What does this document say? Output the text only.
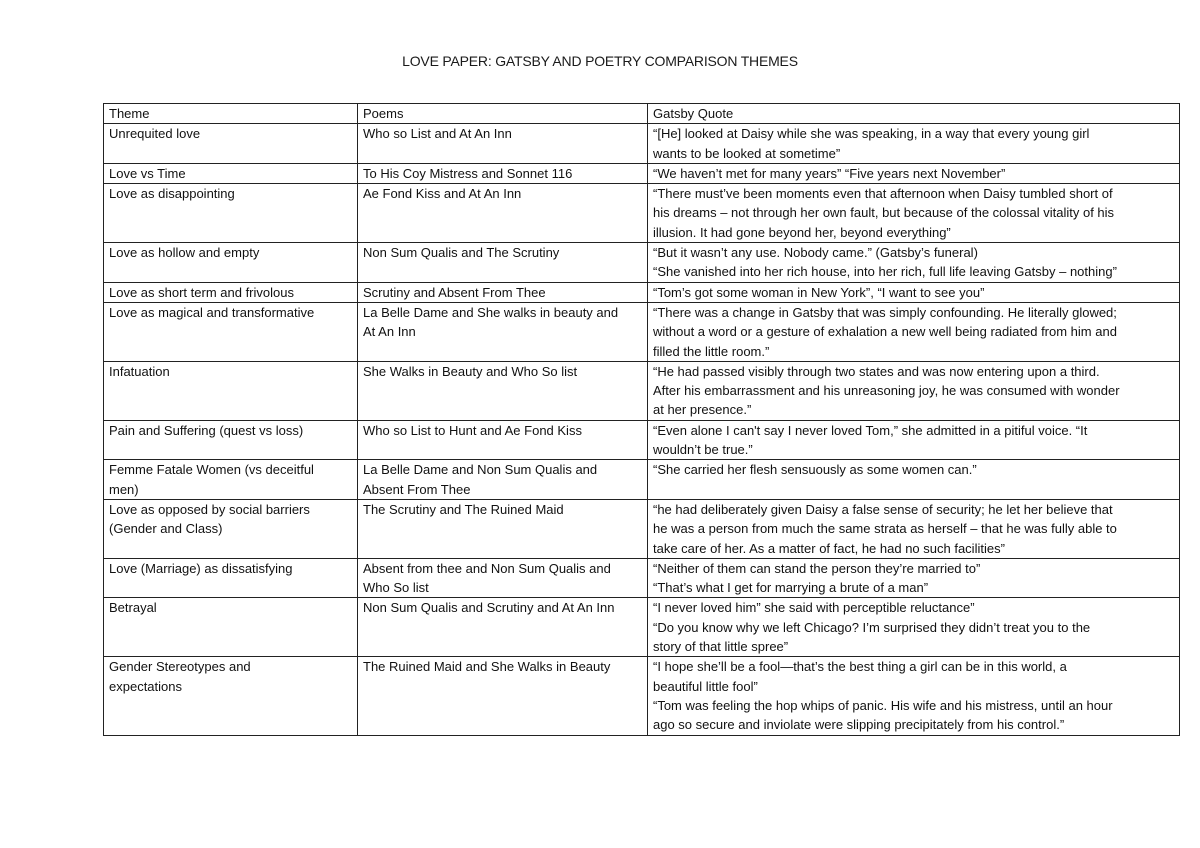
LOVE PAPER: GATSBY AND POETRY COMPARISON THEMES
Theme	Poems	Gatsby Quote

Unrequited love	Who so List and At An Inn	“[He] looked at Daisy while she was speaking, in a way that every young girl
wants to be looked at sometime”

Love vs Time	To His Coy Mistress and Sonnet 116	“We haven’t met for many years” “Five years next November”

Love as disappointing	Ae Fond Kiss and At An Inn	“There must’ve been moments even that afternoon when Daisy tumbled short of
his dreams – not through her own fault, but because of the colossal vitality of his
illusion. It had gone beyond her, beyond everything”

Love as hollow and empty	Non Sum Qualis and The Scrutiny	“But it wasn’t any use. Nobody came.” (Gatsby’s funeral)
“She vanished into her rich house, into her rich, full life leaving Gatsby – nothing”

Love as short term and frivolous	Scrutiny and Absent From Thee	“Tom’s got some woman in New York”, “I want to see you”

Love as magical and transformative	La Belle Dame and She walks in beauty and
At An Inn	“There was a change in Gatsby that was simply confounding. He literally glowed;
without a word or a gesture of exhalation a new well being radiated from him and
filled the little room.”

Infatuation	She Walks in Beauty and Who So list	“He had passed visibly through two states and was now entering upon a third.
After his embarrassment and his unreasoning joy, he was consumed with wonder
at her presence.”

Pain and Suffering (quest vs loss)	Who so List to Hunt and Ae Fond Kiss	“Even alone I can't say I never loved Tom,” she admitted in a pitiful voice. “It
wouldn’t be true.”

Femme Fatale Women (vs deceitful
men)	La Belle Dame and Non Sum Qualis and
Absent From Thee	“She carried her flesh sensuously as some women can.”

Love as opposed by social barriers
(Gender and Class)	The Scrutiny and The Ruined Maid	“he had deliberately given Daisy a false sense of security; he let her believe that
he was a person from much the same strata as herself – that he was fully able to
take care of her. As a matter of fact, he had no such facilities”

Love (Marriage) as dissatisfying	Absent from thee and Non Sum Qualis and
Who So list	“Neither of them can stand the person they’re married to”
“That’s what I get for marrying a brute of a man”

Betrayal	Non Sum Qualis and Scrutiny and At An Inn	“I never loved him” she said with perceptible reluctance”
“Do you know why we left Chicago? I’m surprised they didn’t treat you to the
story of that little spree”

Gender Stereotypes and
expectations	The Ruined Maid and She Walks in Beauty	“I hope she’ll be a fool—that’s the best thing a girl can be in this world, a
beautiful little fool”
“Tom was feeling the hop whips of panic. His wife and his mistress, until an hour
ago so secure and inviolate were slipping precipitately from his control.”
